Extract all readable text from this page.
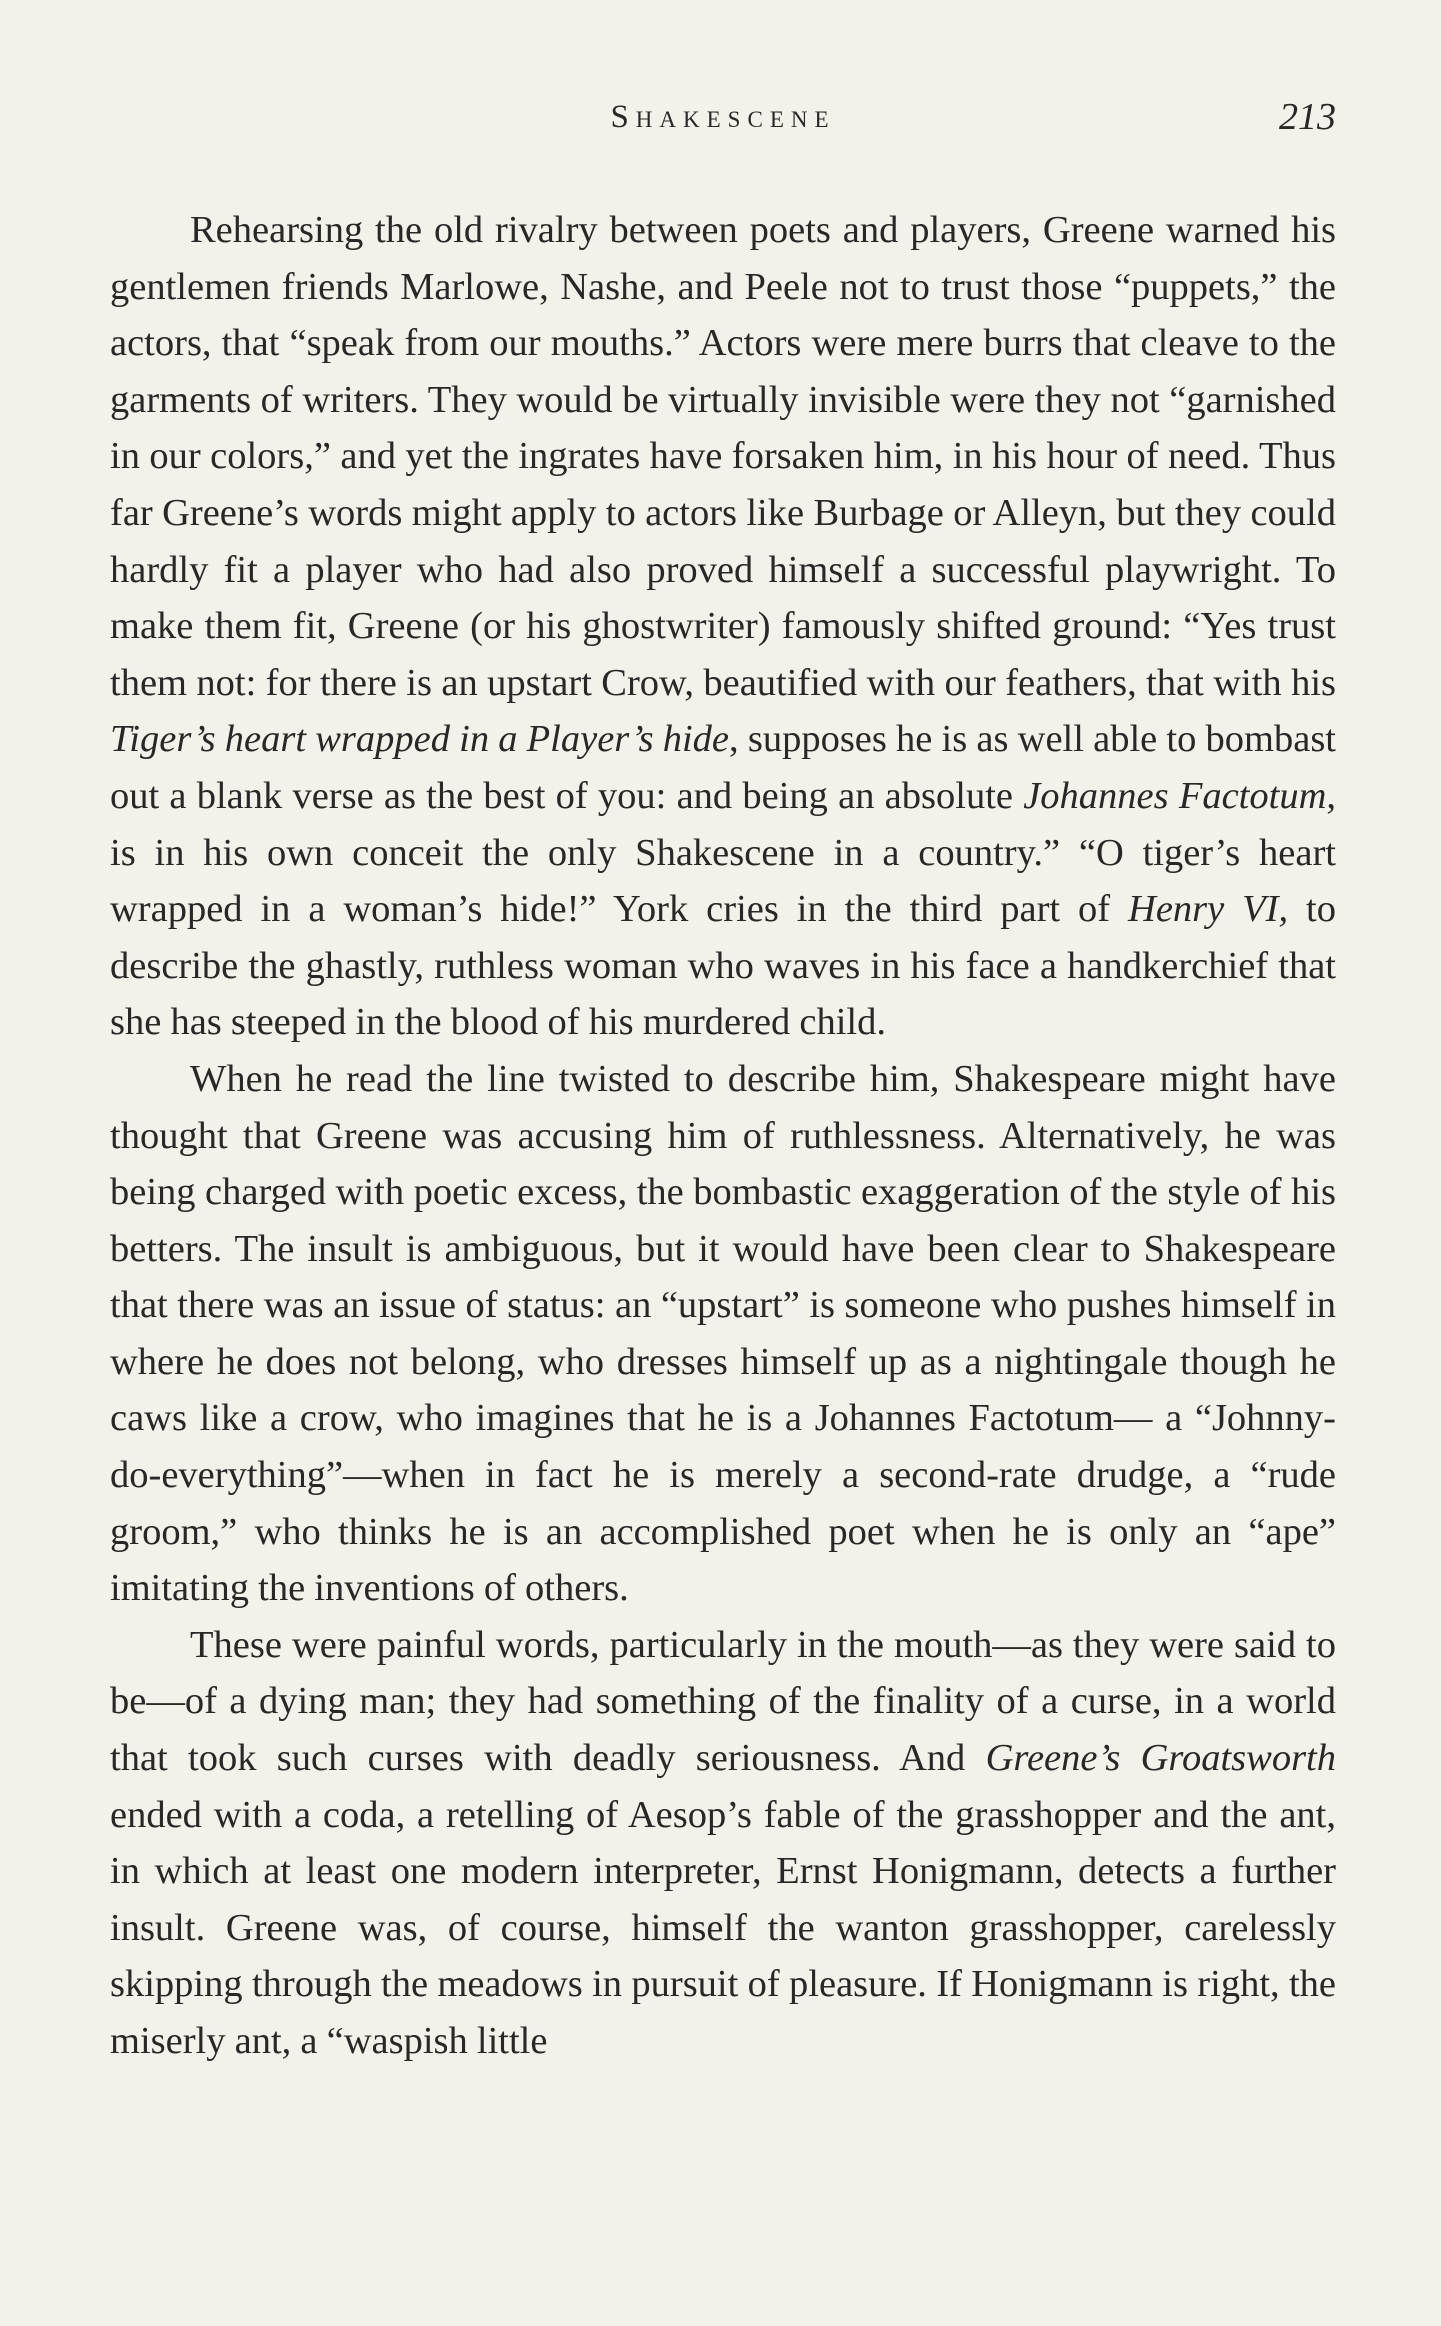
Shakescene	213

Rehearsing the old rivalry between poets and players, Greene warned his gentlemen friends Marlowe, Nashe, and Peele not to trust those “puppets,” the actors, that “speak from our mouths.” Actors were mere burrs that cleave to the garments of writers. They would be virtually invisible were they not “garnished in our colors,” and yet the ingrates have forsaken him, in his hour of need. Thus far Greene’s words might apply to actors like Burbage or Alleyn, but they could hardly fit a player who had also proved himself a successful playwright. To make them fit, Greene (or his ghostwriter) famously shifted ground: “Yes trust them not: for there is an upstart Crow, beautified with our feathers, that with his Tiger’s heart wrapped in a Player’s hide, supposes he is as well able to bombast out a blank verse as the best of you: and being an absolute Johannes Factotum, is in his own conceit the only Shakescene in a country.” “O tiger’s heart wrapped in a woman’s hide!” York cries in the third part of Henry VI, to describe the ghastly, ruthless woman who waves in his face a handkerchief that she has steeped in the blood of his murdered child.

When he read the line twisted to describe him, Shakespeare might have thought that Greene was accusing him of ruthlessness. Alternatively, he was being charged with poetic excess, the bombastic exaggeration of the style of his betters. The insult is ambiguous, but it would have been clear to Shakespeare that there was an issue of status: an “upstart” is someone who pushes himself in where he does not belong, who dresses himself up as a nightingale though he caws like a crow, who imagines that he is a Johannes Factotum— a “Johnny-do-everything”—when in fact he is merely a second-rate drudge, a “rude groom,” who thinks he is an accomplished poet when he is only an “ape” imitating the inventions of others.

These were painful words, particularly in the mouth—as they were said to be—of a dying man; they had something of the finality of a curse, in a world that took such curses with deadly seriousness. And Greene’s Groatsworth ended with a coda, a retelling of Aesop’s fable of the grasshopper and the ant, in which at least one modern interpreter, Ernst Honigmann, detects a further insult. Greene was, of course, himself the wanton grasshopper, carelessly skipping through the meadows in pursuit of pleasure. If Honigmann is right, the miserly ant, a “waspish little
